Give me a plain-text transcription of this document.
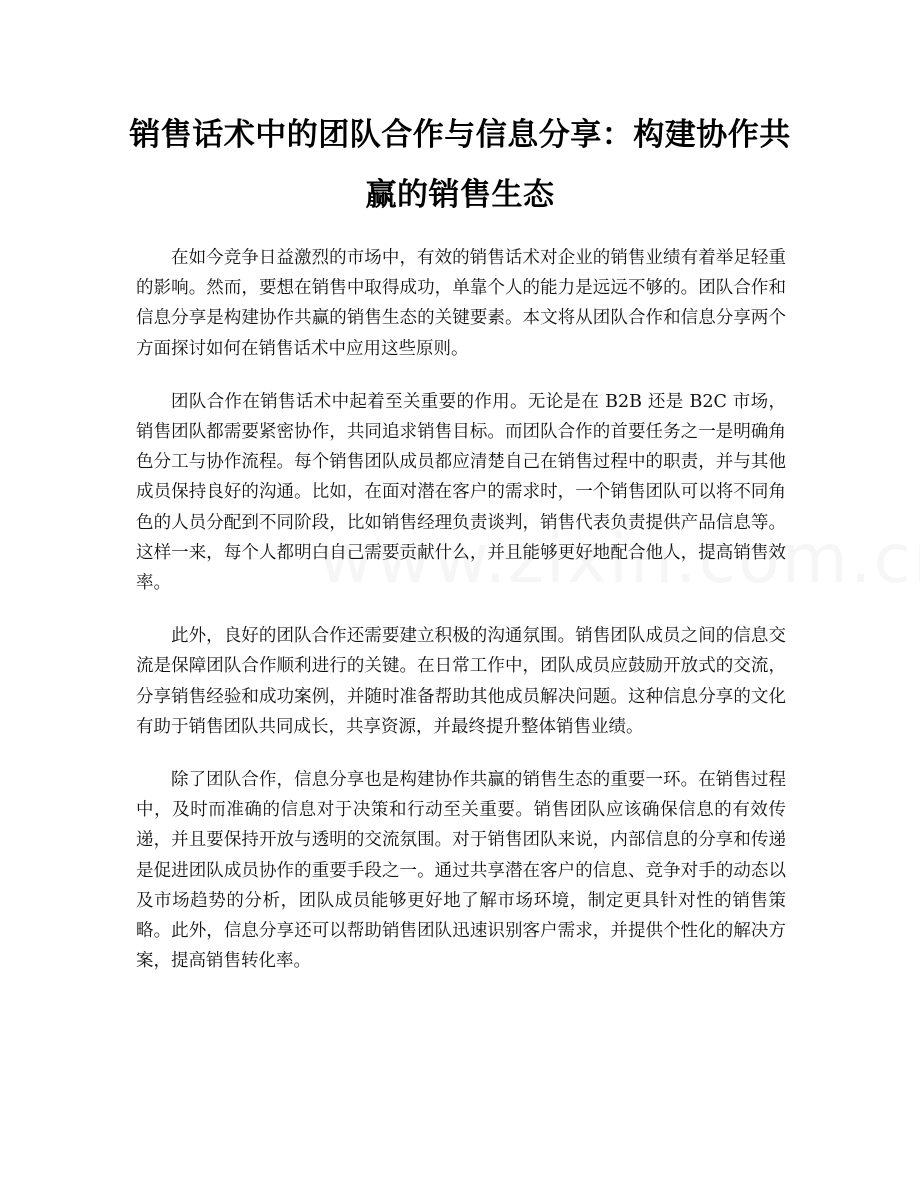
销售话术中的团队合作与信息分享：构建协作共赢的销售生态

在如今竞争日益激烈的市场中，有效的销售话术对企业的销售业绩有着举足轻重的影响。然而，要想在销售中取得成功，单靠个人的能力是远远不够的。团队合作和信息分享是构建协作共赢的销售生态的关键要素。本文将从团队合作和信息分享两个方面探讨如何在销售话术中应用这些原则。

团队合作在销售话术中起着至关重要的作用。无论是在 B2B 还是 B2C 市场，销售团队都需要紧密协作，共同追求销售目标。而团队合作的首要任务之一是明确角色分工与协作流程。每个销售团队成员都应清楚自己在销售过程中的职责，并与其他成员保持良好的沟通。比如，在面对潜在客户的需求时，一个销售团队可以将不同角色的人员分配到不同阶段，比如销售经理负责谈判，销售代表负责提供产品信息等。这样一来，每个人都明白自己需要贡献什么，并且能够更好地配合他人，提高销售效率。

此外，良好的团队合作还需要建立积极的沟通氛围。销售团队成员之间的信息交流是保障团队合作顺利进行的关键。在日常工作中，团队成员应鼓励开放式的交流，分享销售经验和成功案例，并随时准备帮助其他成员解决问题。这种信息分享的文化有助于销售团队共同成长，共享资源，并最终提升整体销售业绩。

除了团队合作，信息分享也是构建协作共赢的销售生态的重要一环。在销售过程中，及时而准确的信息对于决策和行动至关重要。销售团队应该确保信息的有效传递，并且要保持开放与透明的交流氛围。对于销售团队来说，内部信息的分享和传递是促进团队成员协作的重要手段之一。通过共享潜在客户的信息、竞争对手的动态以及市场趋势的分析，团队成员能够更好地了解市场环境，制定更具针对性的销售策略。此外，信息分享还可以帮助销售团队迅速识别客户需求，并提供个性化的解决方案，提高销售转化率。
